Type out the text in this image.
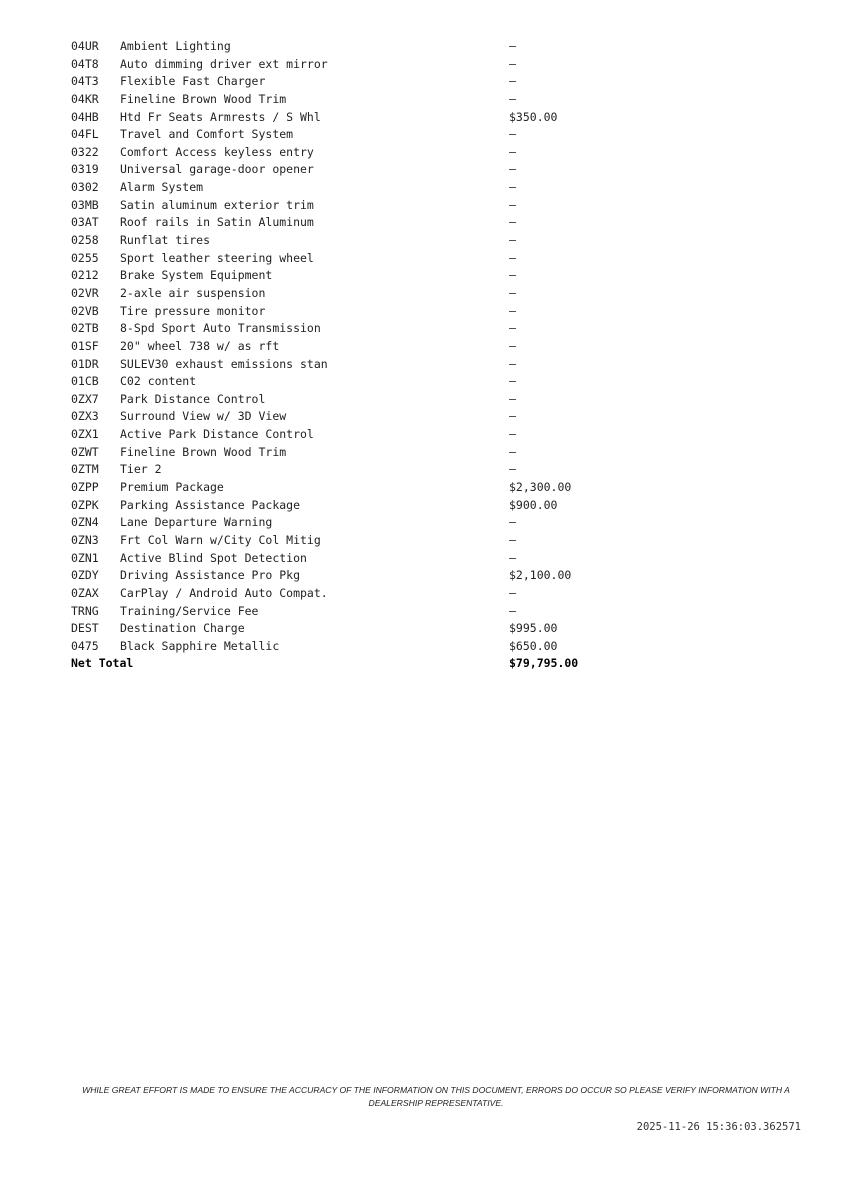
04UR	Ambient Lighting	—
04T8	Auto dimming driver ext mirror	—
04T3	Flexible Fast Charger	—
04KR	Fineline Brown Wood Trim	—
04HB	Htd Fr Seats Armrests / S Whl	$350.00
04FL	Travel and Comfort System	—
0322	Comfort Access keyless entry	—
0319	Universal garage-door opener	—
0302	Alarm System	—
03MB	Satin aluminum exterior trim	—
03AT	Roof rails in Satin Aluminum	—
0258	Runflat tires	—
0255	Sport leather steering wheel	—
0212	Brake System Equipment	—
02VR	2-axle air suspension	—
02VB	Tire pressure monitor	—
02TB	8-Spd Sport Auto Transmission	—
01SF	20" wheel 738 w/ as rft	—
01DR	SULEV30 exhaust emissions stan	—
01CB	C02 content	—
0ZX7	Park Distance Control	—
0ZX3	Surround View w/ 3D View	—
0ZX1	Active Park Distance Control	—
0ZWT	Fineline Brown Wood Trim	—
0ZTM	Tier 2	—
0ZPP	Premium Package	$2,300.00
0ZPK	Parking Assistance Package	$900.00
0ZN4	Lane Departure Warning	—
0ZN3	Frt Col Warn w/City Col Mitig	—
0ZN1	Active Blind Spot Detection	—
0ZDY	Driving Assistance Pro Pkg	$2,100.00
0ZAX	CarPlay / Android Auto Compat.	—
TRNG	Training/Service Fee	—
DEST	Destination Charge	$995.00
0475	Black Sapphire Metallic	$650.00
Net Total	$79,795.00
WHILE GREAT EFFORT IS MADE TO ENSURE THE ACCURACY OF THE INFORMATION ON THIS DOCUMENT, ERRORS DO OCCUR SO PLEASE VERIFY INFORMATION WITH A DEALERSHIP REPRESENTATIVE.
2025-11-26 15:36:03.362571
